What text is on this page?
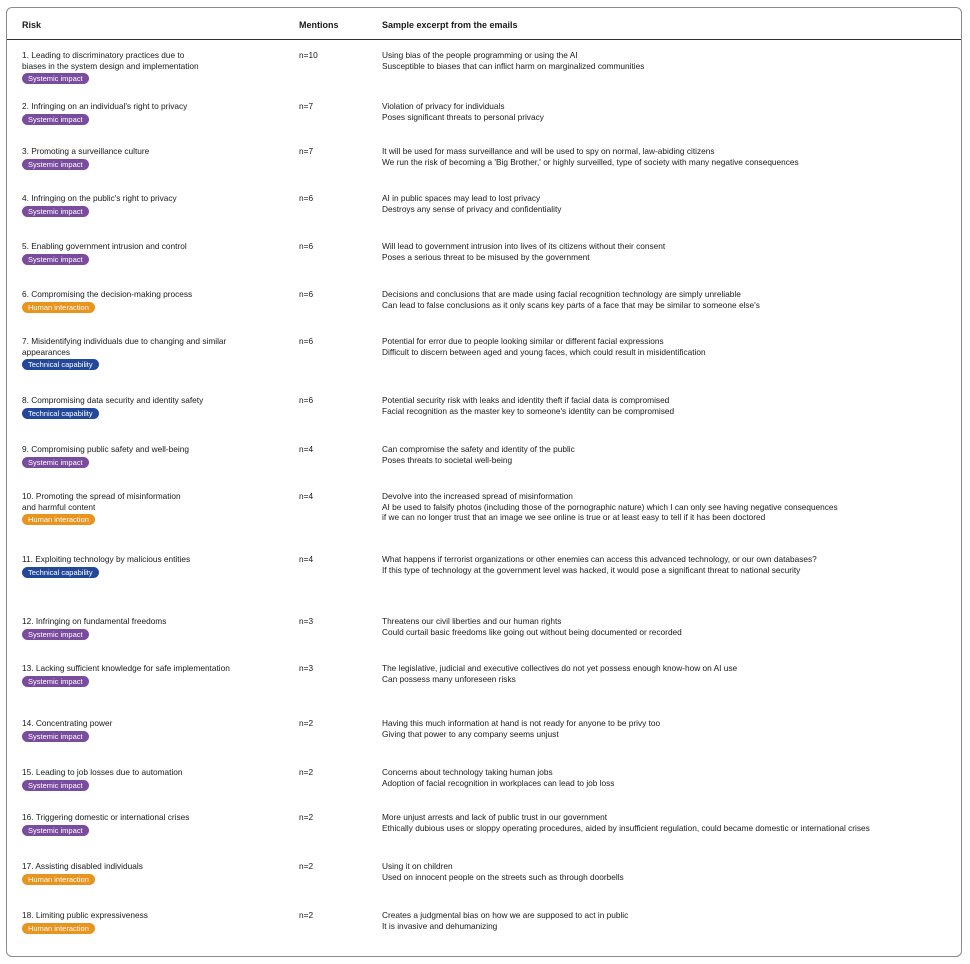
Risk	Mentions	Sample excerpt from the emails
1. Leading to discriminatory practices due to
biases in the system design and implementation
Systemic impact
n=10	Using bias of the people programming or using the AI
Susceptible to biases that can inflict harm on marginalized communities
2. Infringing on an individual's right to privacy
Systemic impact
n=7	Violation of privacy for individuals
Poses significant threats to personal privacy
3. Promoting a surveillance culture
Systemic impact
n=7	It will be used for mass surveillance and will be used to spy on normal, law-abiding citizens
We run the risk of becoming a 'Big Brother,' or highly surveilled, type of society with many negative consequences
4. Infringing on the public's right to privacy
Systemic impact
n=6	AI in public spaces may lead to lost privacy
Destroys any sense of privacy and confidentiality
5. Enabling government intrusion and control
Systemic impact
n=6	Will lead to government intrusion into lives of its citizens without their consent
Poses a serious threat to be misused by the government
6. Compromising the decision-making process
Human interaction
n=6	Decisions and conclusions that are made using facial recognition technology are simply unreliable
Can lead to false conclusions as it only scans key parts of a face that may be similar to someone else's
7. Misidentifying individuals due to changing and similar
appearances
Technical capability
n=6	Potential for error due to people looking similar or different facial expressions
Difficult to discern between aged and young faces, which could result in misidentification
8. Compromising data security and identity safety
Technical capability
n=6	Potential security risk with leaks and identity theft if facial data is compromised
Facial recognition as the master key to someone's identity can be compromised
9. Compromising public safety and well-being
Systemic impact
n=4	Can compromise the safety and identity of the public
Poses threats to societal well-being
10. Promoting the spread of misinformation
and harmful content
Human interaction
n=4	Devolve into the increased spread of misinformation
AI be used to falsify photos (including those of the pornographic nature) which I can only see having negative consequences
if we can no longer trust that an image we see online is true or at least easy to tell if it has been doctored
11. Exploiting technology by malicious entities
Technical capability
n=4	What happens if terrorist organizations or other enemies can access this advanced technology, or our own databases?
If this type of technology at the government level was hacked, it would pose a significant threat to national security
12. Infringing on fundamental freedoms
Systemic impact
n=3	Threatens our civil liberties and our human rights
Could curtail basic freedoms like going out without being documented or recorded
13. Lacking sufficient knowledge for safe implementation
Systemic impact
n=3	The legislative, judicial and executive collectives do not yet possess enough know-how on AI use
Can possess many unforeseen risks
14. Concentrating power
Systemic impact
n=2	Having this much information at hand is not ready for anyone to be privy too
Giving that power to any company seems unjust
15. Leading to job losses due to automation
Systemic impact
n=2	Concerns about technology taking human jobs
Adoption of facial recognition in workplaces can lead to job loss
16. Triggering domestic or international crises
Systemic impact
n=2	More unjust arrests and lack of public trust in our government
Ethically dubious uses or sloppy operating procedures, aided by insufficient regulation, could became domestic or international crises
17. Assisting disabled individuals
Human interaction
n=2	Using it on children
Used on innocent people on the streets such as through doorbells
18. Limiting public expressiveness
Human interaction
n=2	Creates a judgmental bias on how we are supposed to act in public
It is invasive and dehumanizing
